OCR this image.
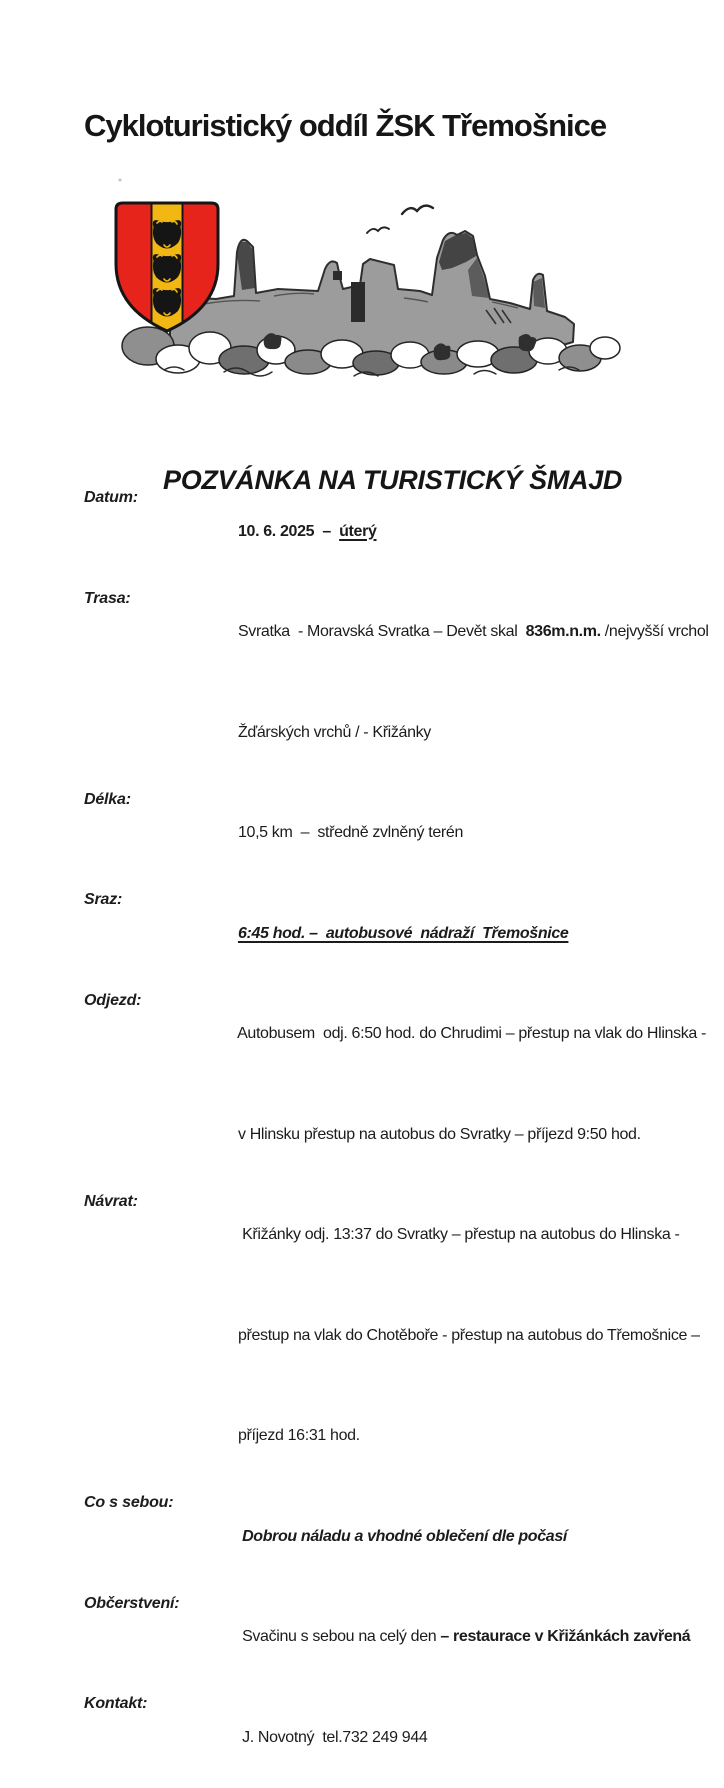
Cykloturistický oddíl ŽSK Třemošnice
POZVÁNKA NA TURISTICKÝ ŠMAJD
Datum:

10. 6. 2025  –  úterý

Trasa:

Svratka  - Moravská Svratka – Devět skal  836m.n.m. /nejvyšší vrchol

Žďárských vrchů / - Křižánky

Délka:

10,5 km  –  středně zvlněný terén

Sraz:

6:45 hod. –  autobusové  nádraží  Třemošnice

Odjezd:

Autobusem  odj. 6:50 hod. do Chrudimi – přestup na vlak do Hlinska -

v Hlinsku přestup na autobus do Svratky – příjezd 9:50 hod.

Návrat:

Křižánky odj. 13:37 do Svratky – přestup na autobus do Hlinska -

přestup na vlak do Chotěboře - přestup na autobus do Třemošnice –

příjezd 16:31 hod.

Co s sebou:

Dobrou náladu a vhodné oblečení dle počasí

Občerstvení:

Svačinu s sebou na celý den – restaurace v Křižánkách zavřená

Kontakt:

J. Novotný  tel.732 249 944
